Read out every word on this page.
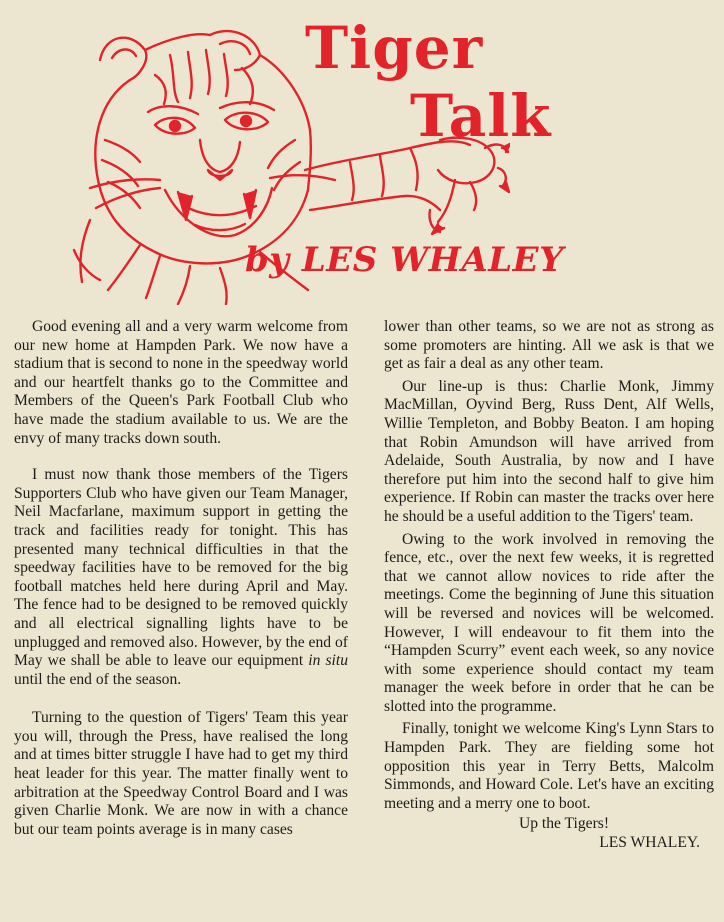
Tiger
Talk
by LES WHALEY

Good evening all and a very warm welcome from our new home at Hampden Park. We now have a stadium that is second to none in the speedway world and our heartfelt thanks go to the Committee and Members of the Queen's Park Football Club who have made the stadium available to us. We are the envy of many tracks down south.

I must now thank those members of the Tigers Supporters Club who have given our Team Manager, Neil Macfarlane, maximum support in getting the track and facilities ready for tonight. This has presented many technical difficulties in that the speedway facilities have to be removed for the big football matches held here during April and May. The fence had to be designed to be removed quickly and all electrical signalling lights have to be unplugged and removed also. However, by the end of May we shall be able to leave our equipment in situ until the end of the season.

Turning to the question of Tigers' Team this year you will, through the Press, have realised the long and at times bitter struggle I have had to get my third heat leader for this year. The matter finally went to arbitration at the Speedway Control Board and I was given Charlie Monk. We are now in with a chance but our team points average is in many cases

lower than other teams, so we are not as strong as some promoters are hinting. All we ask is that we get as fair a deal as any other team.

Our line-up is thus: Charlie Monk, Jimmy MacMillan, Oyvind Berg, Russ Dent, Alf Wells, Willie Templeton, and Bobby Beaton. I am hoping that Robin Amundson will have arrived from Adelaide, South Australia, by now and I have therefore put him into the second half to give him experience. If Robin can master the tracks over here he should be a useful addition to the Tigers' team.

Owing to the work involved in removing the fence, etc., over the next few weeks, it is regretted that we cannot allow novices to ride after the meetings. Come the beginning of June this situation will be reversed and novices will be welcomed. However, I will endeavour to fit them into the “Hampden Scurry” event each week, so any novice with some experience should contact my team manager the week before in order that he can be slotted into the programme.

Finally, tonight we welcome King's Lynn Stars to Hampden Park. They are fielding some hot opposition this year in Terry Betts, Malcolm Simmonds, and Howard Cole. Let's have an exciting meeting and a merry one to boot.

Up the Tigers!

LES WHALEY.
